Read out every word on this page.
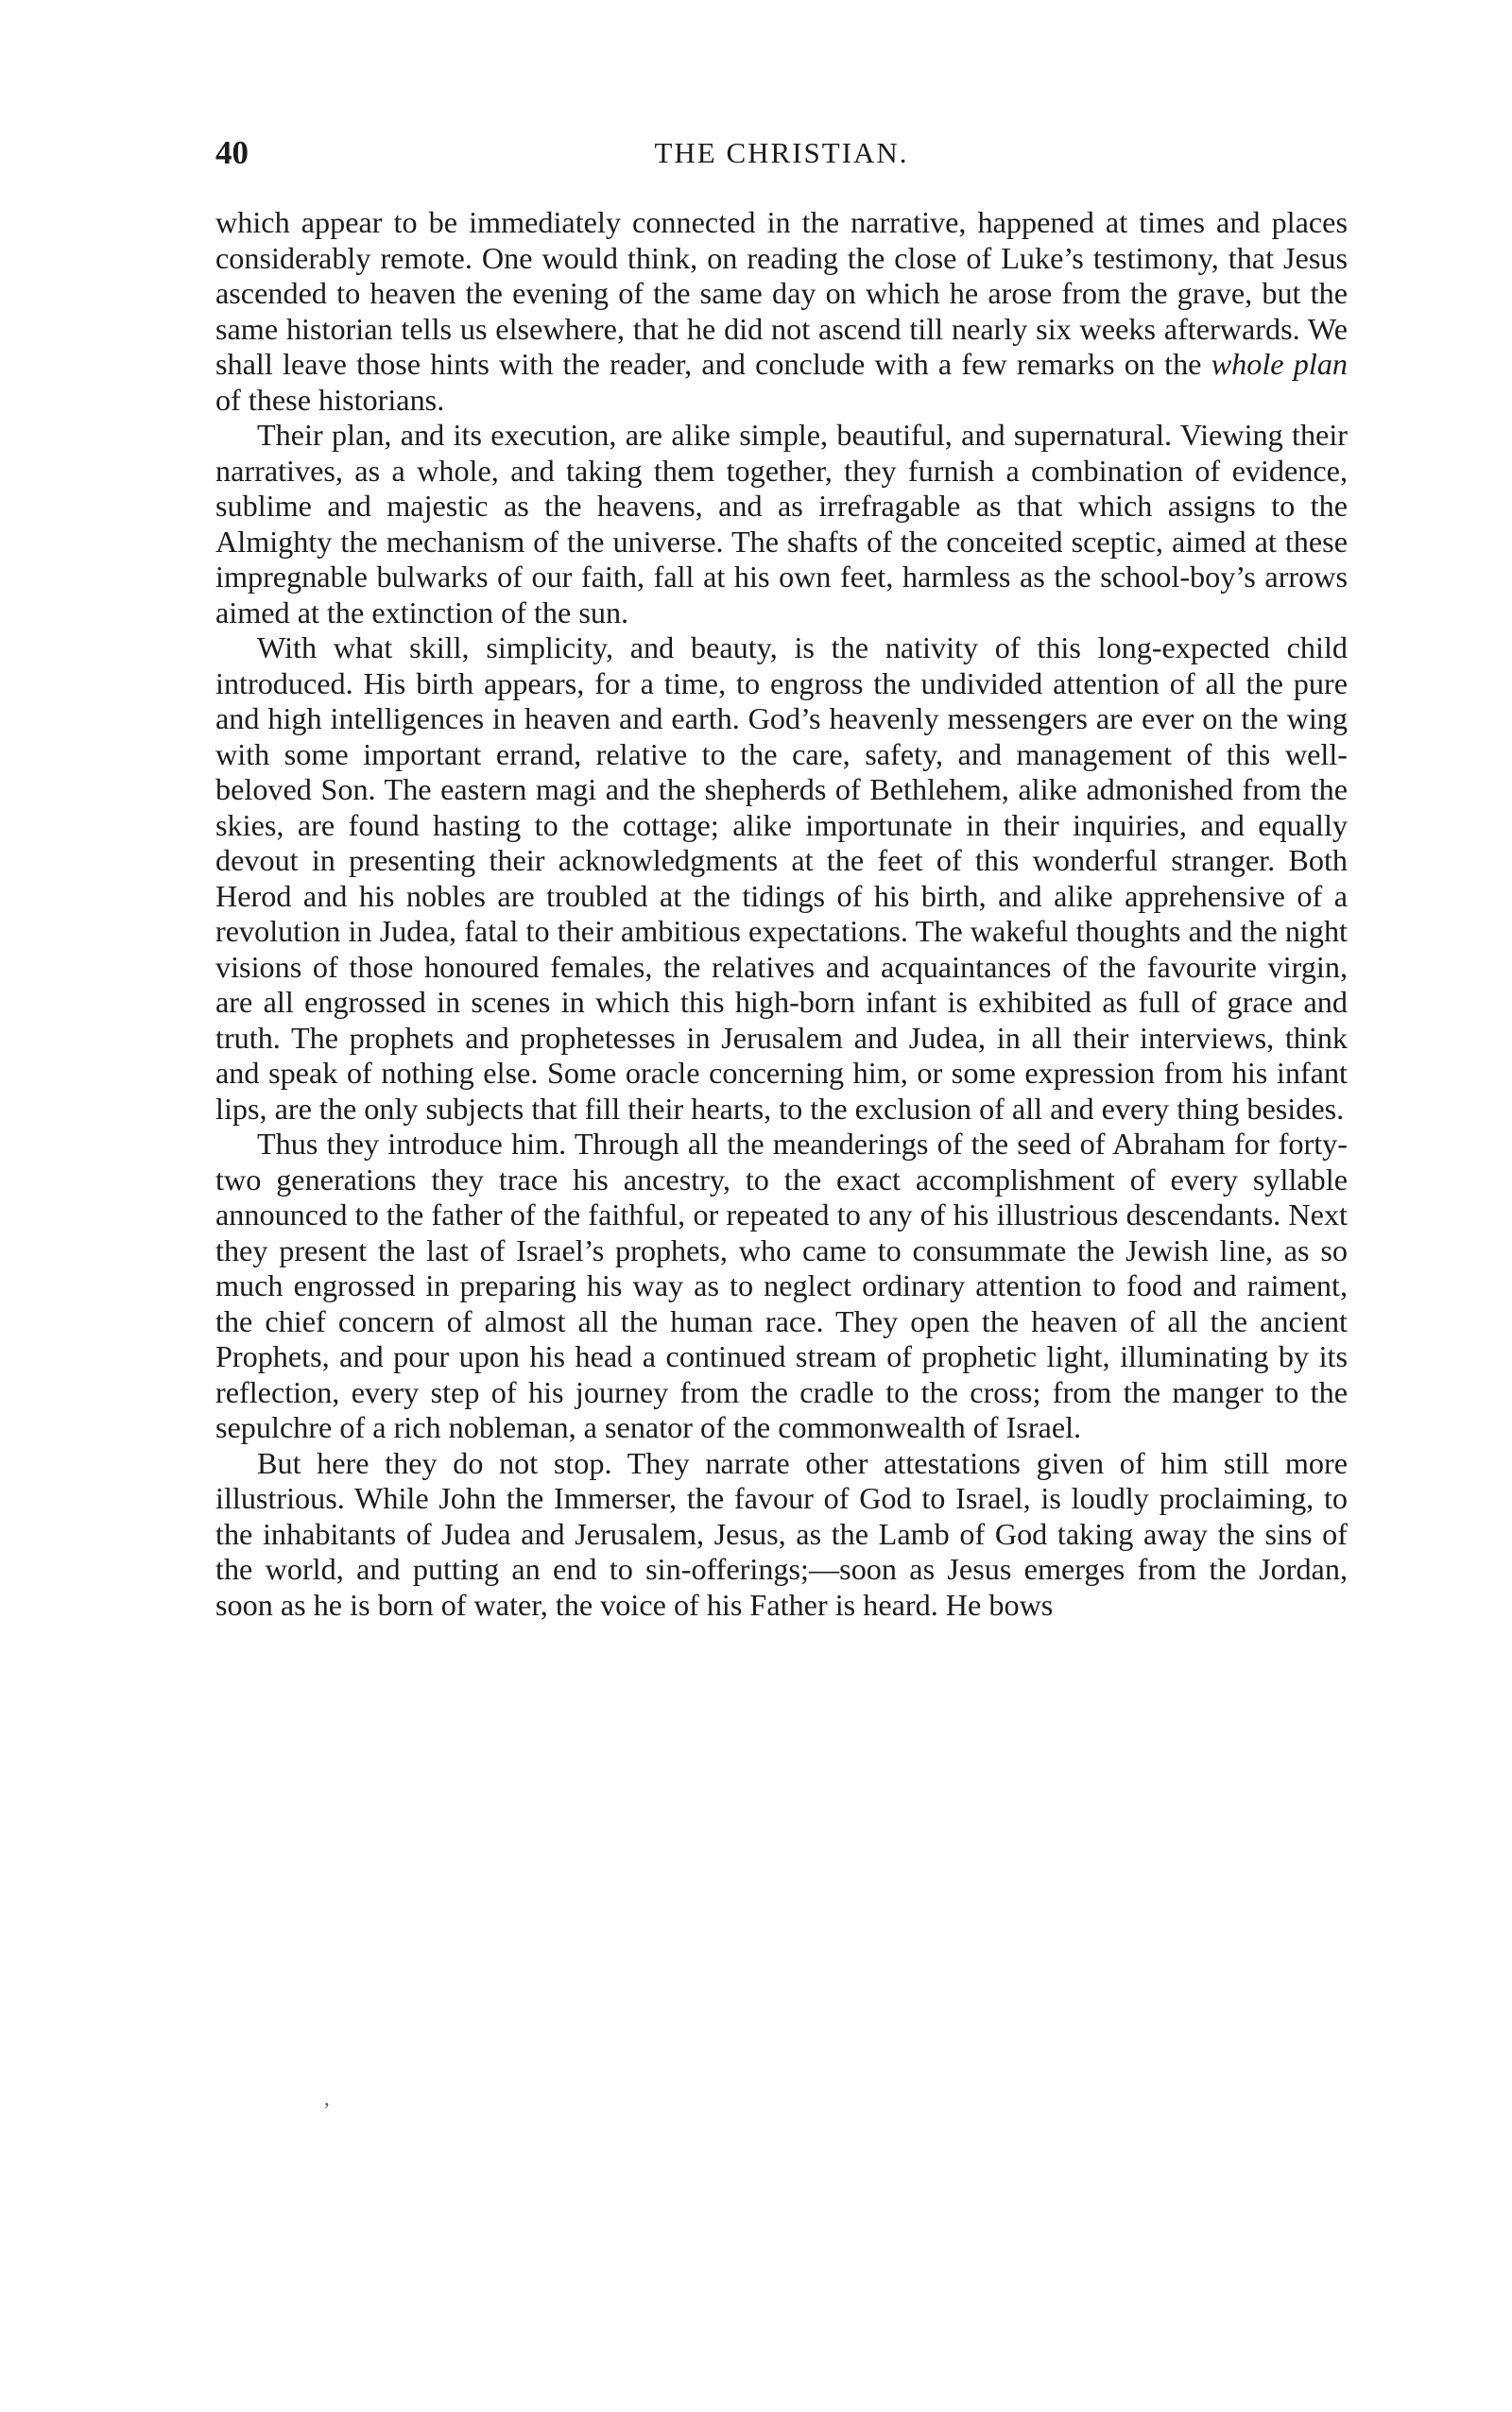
40	THE CHRISTIAN.

which appear to be immediately connected in the narrative, happened at times and places considerably remote. One would think, on reading the close of Luke’s testimony, that Jesus ascended to heaven the evening of the same day on which he arose from the grave, but the same historian tells us elsewhere, that he did not ascend till nearly six weeks afterwards. We shall leave those hints with the reader, and conclude with a few remarks on the whole plan of these historians.

Their plan, and its execution, are alike simple, beautiful, and supernatural. Viewing their narratives, as a whole, and taking them together, they furnish a combination of evidence, sublime and majestic as the heavens, and as irrefragable as that which assigns to the Almighty the mechanism of the universe. The shafts of the conceited sceptic, aimed at these impregnable bulwarks of our faith, fall at his own feet, harmless as the school-boy’s arrows aimed at the extinction of the sun.

With what skill, simplicity, and beauty, is the nativity of this long-expected child introduced. His birth appears, for a time, to engross the undivided attention of all the pure and high intelligences in heaven and earth. God’s heavenly messengers are ever on the wing with some important errand, relative to the care, safety, and management of this well-beloved Son. The eastern magi and the shepherds of Bethlehem, alike admonished from the skies, are found hasting to the cottage; alike importunate in their inquiries, and equally devout in presenting their acknowledgments at the feet of this wonderful stranger. Both Herod and his nobles are troubled at the tidings of his birth, and alike apprehensive of a revolution in Judea, fatal to their ambitious expectations. The wakeful thoughts and the night visions of those honoured females, the relatives and acquaintances of the favourite virgin, are all engrossed in scenes in which this high-born infant is exhibited as full of grace and truth. The prophets and prophetesses in Jerusalem and Judea, in all their interviews, think and speak of nothing else. Some oracle concerning him, or some expression from his infant lips, are the only subjects that fill their hearts, to the exclusion of all and every thing besides.

Thus they introduce him. Through all the meanderings of the seed of Abraham for forty-two generations they trace his ancestry, to the exact accomplishment of every syllable announced to the father of the faithful, or repeated to any of his illustrious descendants. Next they present the last of Israel’s prophets, who came to consummate the Jewish line, as so much engrossed in preparing his way as to neglect ordinary attention to food and raiment, the chief concern of almost all the human race. They open the heaven of all the ancient Prophets, and pour upon his head a continued stream of prophetic light, illuminating by its reflection, every step of his journey from the cradle to the cross; from the manger to the sepulchre of a rich nobleman, a senator of the commonwealth of Israel.

But here they do not stop. They narrate other attestations given of him still more illustrious. While John the Immerser, the favour of God to Israel, is loudly proclaiming, to the inhabitants of Judea and Jerusalem, Jesus, as the Lamb of God taking away the sins of the world, and putting an end to sin-offerings;—soon as Jesus emerges from the Jordan, soon as he is born of water, the voice of his Father is heard. He bows

ʼ
